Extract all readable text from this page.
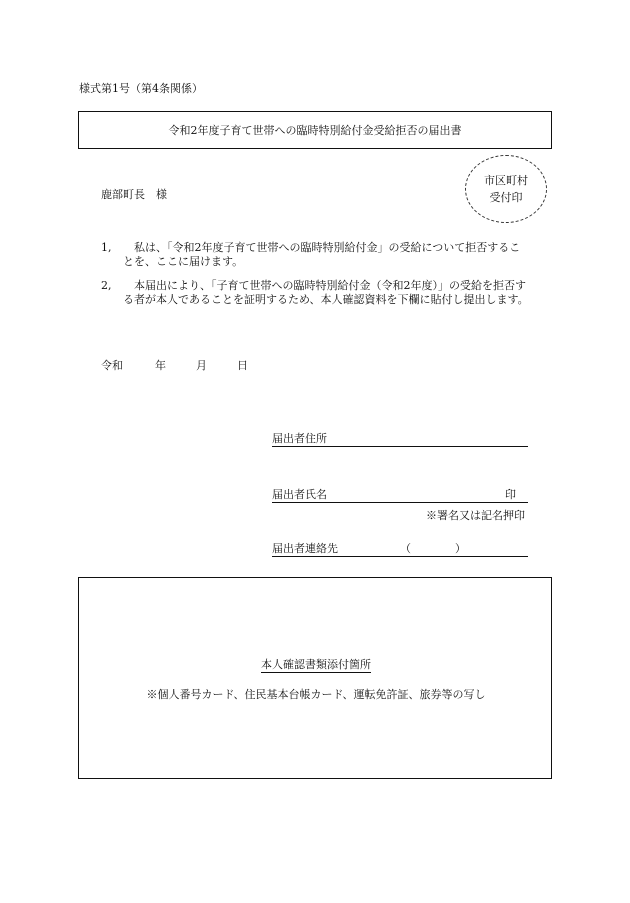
様式第1号（第4条関係）
令和2年度子育て世帯への臨時特別給付金受給拒否の届出書
鹿部町長　様
市区町村
受付印
1,	　私は、「令和2年度子育て世帯への臨時特別給付金」の受給について拒否することを、ここに届けます。
2,	　本届出により、「子育て世帯への臨時特別給付金（令和2年度）」の受給を拒否する者が本人であることを証明するため、本人確認資料を下欄に貼付し提出します。
令和	年	月	日
届出者住所
届出者氏名	印
※署名又は記名押印
届出者連絡先	（　　　　）
本人確認書類添付箇所
※個人番号カード、住民基本台帳カード、運転免許証、旅券等の写し
